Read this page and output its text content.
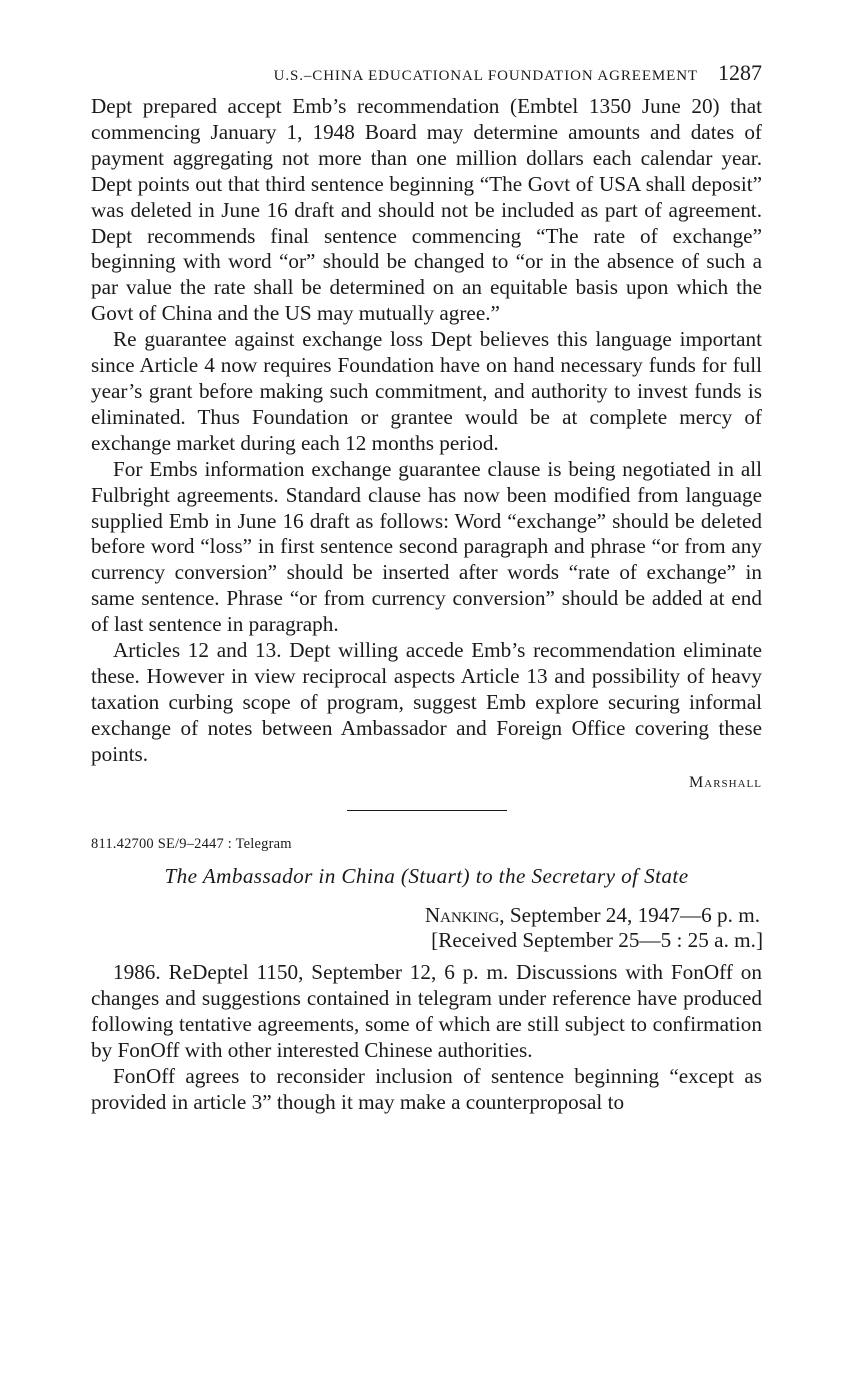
U.S.–CHINA EDUCATIONAL FOUNDATION AGREEMENT 1287

Dept prepared accept Emb’s recommendation (Embtel 1350 June 20) that commencing January 1, 1948 Board may determine amounts and dates of payment aggregating not more than one million dollars each calendar year. Dept points out that third sentence beginning “The Govt of USA shall deposit” was deleted in June 16 draft and should not be included as part of agreement. Dept recommends final sentence commencing “The rate of exchange” beginning with word “or” should be changed to “or in the absence of such a par value the rate shall be determined on an equitable basis upon which the Govt of China and the US may mutually agree.”

Re guarantee against exchange loss Dept believes this language important since Article 4 now requires Foundation have on hand necessary funds for full year’s grant before making such commitment, and authority to invest funds is eliminated. Thus Foundation or grantee would be at complete mercy of exchange market during each 12 months period.

For Embs information exchange guarantee clause is being negotiated in all Fulbright agreements. Standard clause has now been modified from language supplied Emb in June 16 draft as follows: Word “exchange” should be deleted before word “loss” in first sentence second paragraph and phrase “or from any currency conversion” should be inserted after words “rate of exchange” in same sentence. Phrase “or from currency conversion” should be added at end of last sentence in paragraph.

Articles 12 and 13. Dept willing accede Emb’s recommendation eliminate these. However in view reciprocal aspects Article 13 and possibility of heavy taxation curbing scope of program, suggest Emb explore securing informal exchange of notes between Ambassador and Foreign Office covering these points.

Marshall
811.42700 SE/9–2447 : Telegram
The Ambassador in China (Stuart) to the Secretary of State
Nanking, September 24, 1947—6 p. m.
[Received September 25—5 : 25 a. m.]

1986. ReDeptel 1150, September 12, 6 p. m. Discussions with FonOff on changes and suggestions contained in telegram under reference have produced following tentative agreements, some of which are still subject to confirmation by FonOff with other interested Chinese authorities.

FonOff agrees to reconsider inclusion of sentence beginning “except as provided in article 3” though it may make a counterproposal to
